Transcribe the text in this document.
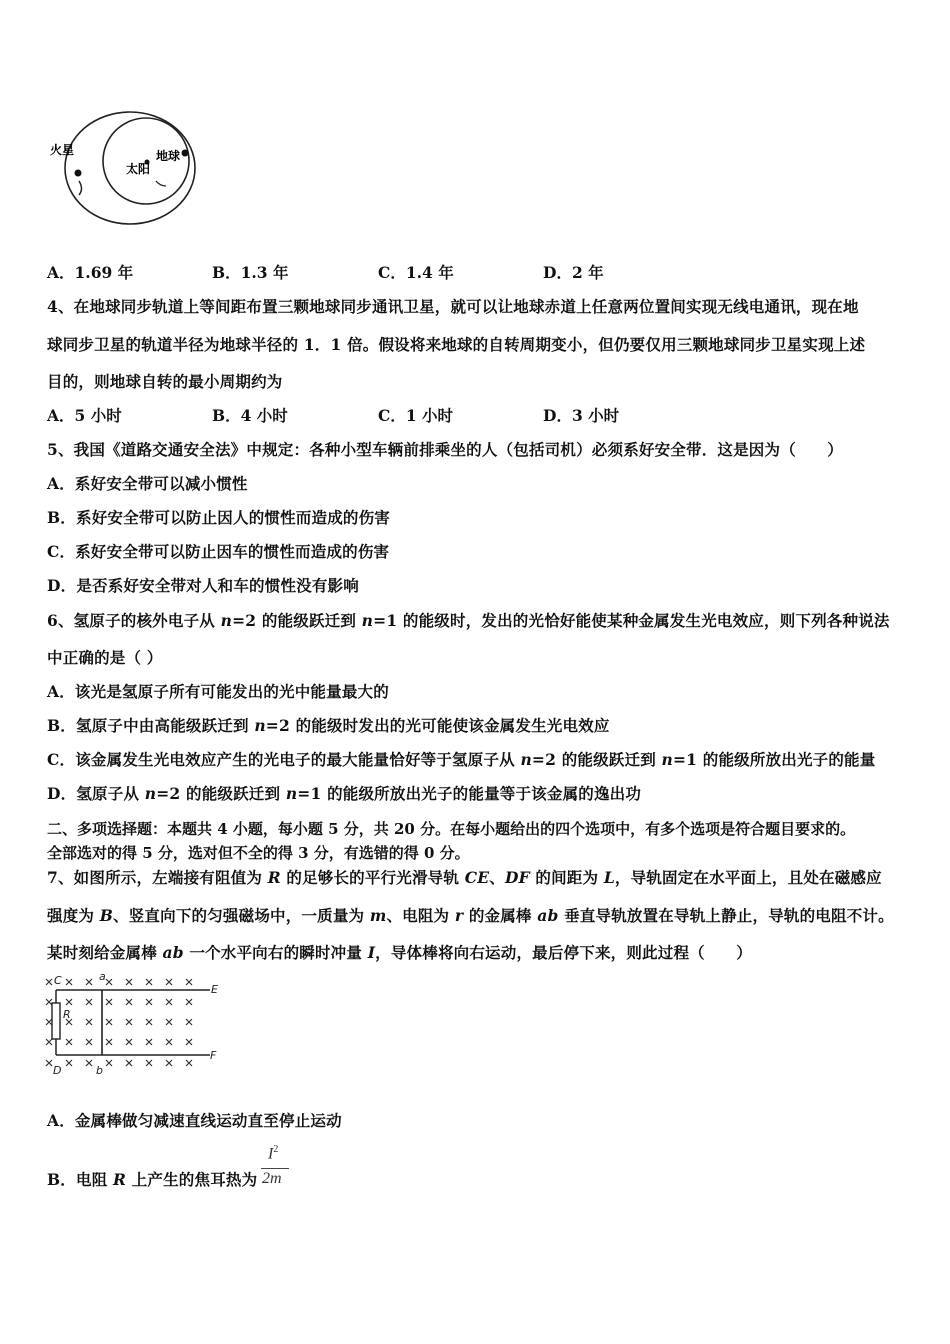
火星
太阳
地球
A．1.69 年	B．1.3 年	C．1.4 年	D．2 年
4、在地球同步轨道上等间距布置三颗地球同步通讯卫星，就可以让地球赤道上任意两位置间实现无线电通讯，现在地
球同步卫星的轨道半径为地球半径的 1．1 倍。假设将来地球的自转周期变小，但仍要仅用三颗地球同步卫星实现上述
目的，则地球自转的最小周期约为
A．5 小时	B．4 小时	C．1 小时	D．3 小时
5、我国《道路交通安全法》中规定：各种小型车辆前排乘坐的人（包括司机）必须系好安全带．这是因为（　　）
A．系好安全带可以减小惯性
B．系好安全带可以防止因人的惯性而造成的伤害
C．系好安全带可以防止因车的惯性而造成的伤害
D．是否系好安全带对人和车的惯性没有影响
6、氢原子的核外电子从 n=2 的能级跃迁到 n=1 的能级时，发出的光恰好能使某种金属发生光电效应，则下列各种说法
中正确的是（ ）
A．该光是氢原子所有可能发出的光中能量最大的
B．氢原子中由高能级跃迁到 n=2 的能级时发出的光可能使该金属发生光电效应
C．该金属发生光电效应产生的光电子的最大能量恰好等于氢原子从 n=2 的能级跃迁到 n=1 的能级所放出光子的能量
D．氢原子从 n=2 的能级跃迁到 n=1 的能级所放出光子的能量等于该金属的逸出功
二、多项选择题：本题共 4 小题，每小题 5 分，共 20 分。在每小题给出的四个选项中，有多个选项是符合题目要求的。
全部选对的得 5 分，选对但不全的得 3 分，有选错的得 0 分。
7、如图所示，左端接有阻值为 R 的足够长的平行光滑导轨 CE、DF 的间距为 L，导轨固定在水平面上，且处在磁感应
强度为 B、竖直向下的匀强磁场中，一质量为 m、电阻为 r 的金属棒 ab 垂直导轨放置在导轨上静止，导轨的电阻不计。
某时刻给金属棒 ab 一个水平向右的瞬时冲量 I，导体棒将向右运动，最后停下来，则此过程（　　）
C	a
E
R
F
D	b
A．金属棒做匀减速直线运动直至停止运动
B．电阻 R 上产生的焦耳热为
$I^2$
2m
